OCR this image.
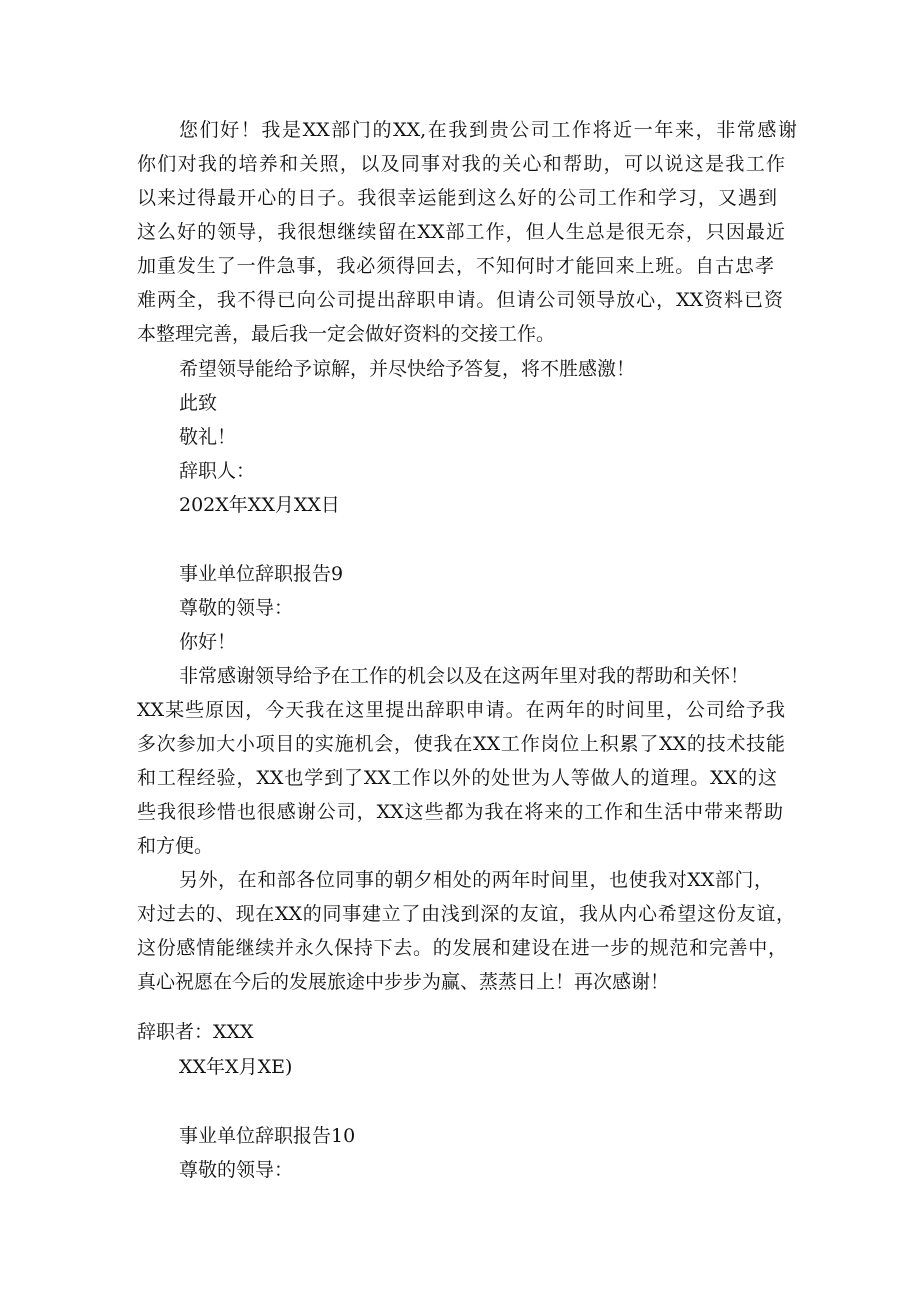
您们好！我是XX部门的XX,在我到贵公司工作将近一年来，非常感谢
你们对我的培养和关照，以及同事对我的关心和帮助，可以说这是我工作
以来过得最开心的日子。我很幸运能到这么好的公司工作和学习，又遇到
这么好的领导，我很想继续留在XX部工作，但人生总是很无奈，只因最近
加重发生了一件急事，我必须得回去，不知何时才能回来上班。自古忠孝
难两全，我不得已向公司提出辞职申请。但请公司领导放心，XX资料已资
本整理完善，最后我一定会做好资料的交接工作。
希望领导能给予谅解，并尽快给予答复，将不胜感激！
此致
敬礼！
辞职人：
202X年XX月XX日
事业单位辞职报告9
尊敬的领导：
你好！
非常感谢领导给予在工作的机会以及在这两年里对我的帮助和关怀！
XX某些原因，今天我在这里提出辞职申请。在两年的时间里，公司给予我
多次参加大小项目的实施机会，使我在XX工作岗位上积累了XX的技术技能
和工程经验，XX也学到了XX工作以外的处世为人等做人的道理。XX的这
些我很珍惜也很感谢公司，XX这些都为我在将来的工作和生活中带来帮助
和方便。
另外，在和部各位同事的朝夕相处的两年时间里，也使我对XX部门，
对过去的、现在XX的同事建立了由浅到深的友谊，我从内心希望这份友谊，
这份感情能继续并永久保持下去。的发展和建设在进一步的规范和完善中，
真心祝愿在今后的发展旅途中步步为赢、蒸蒸日上！再次感谢！
辞职者：XXX
XX年X月XE)
事业单位辞职报告10
尊敬的领导：
